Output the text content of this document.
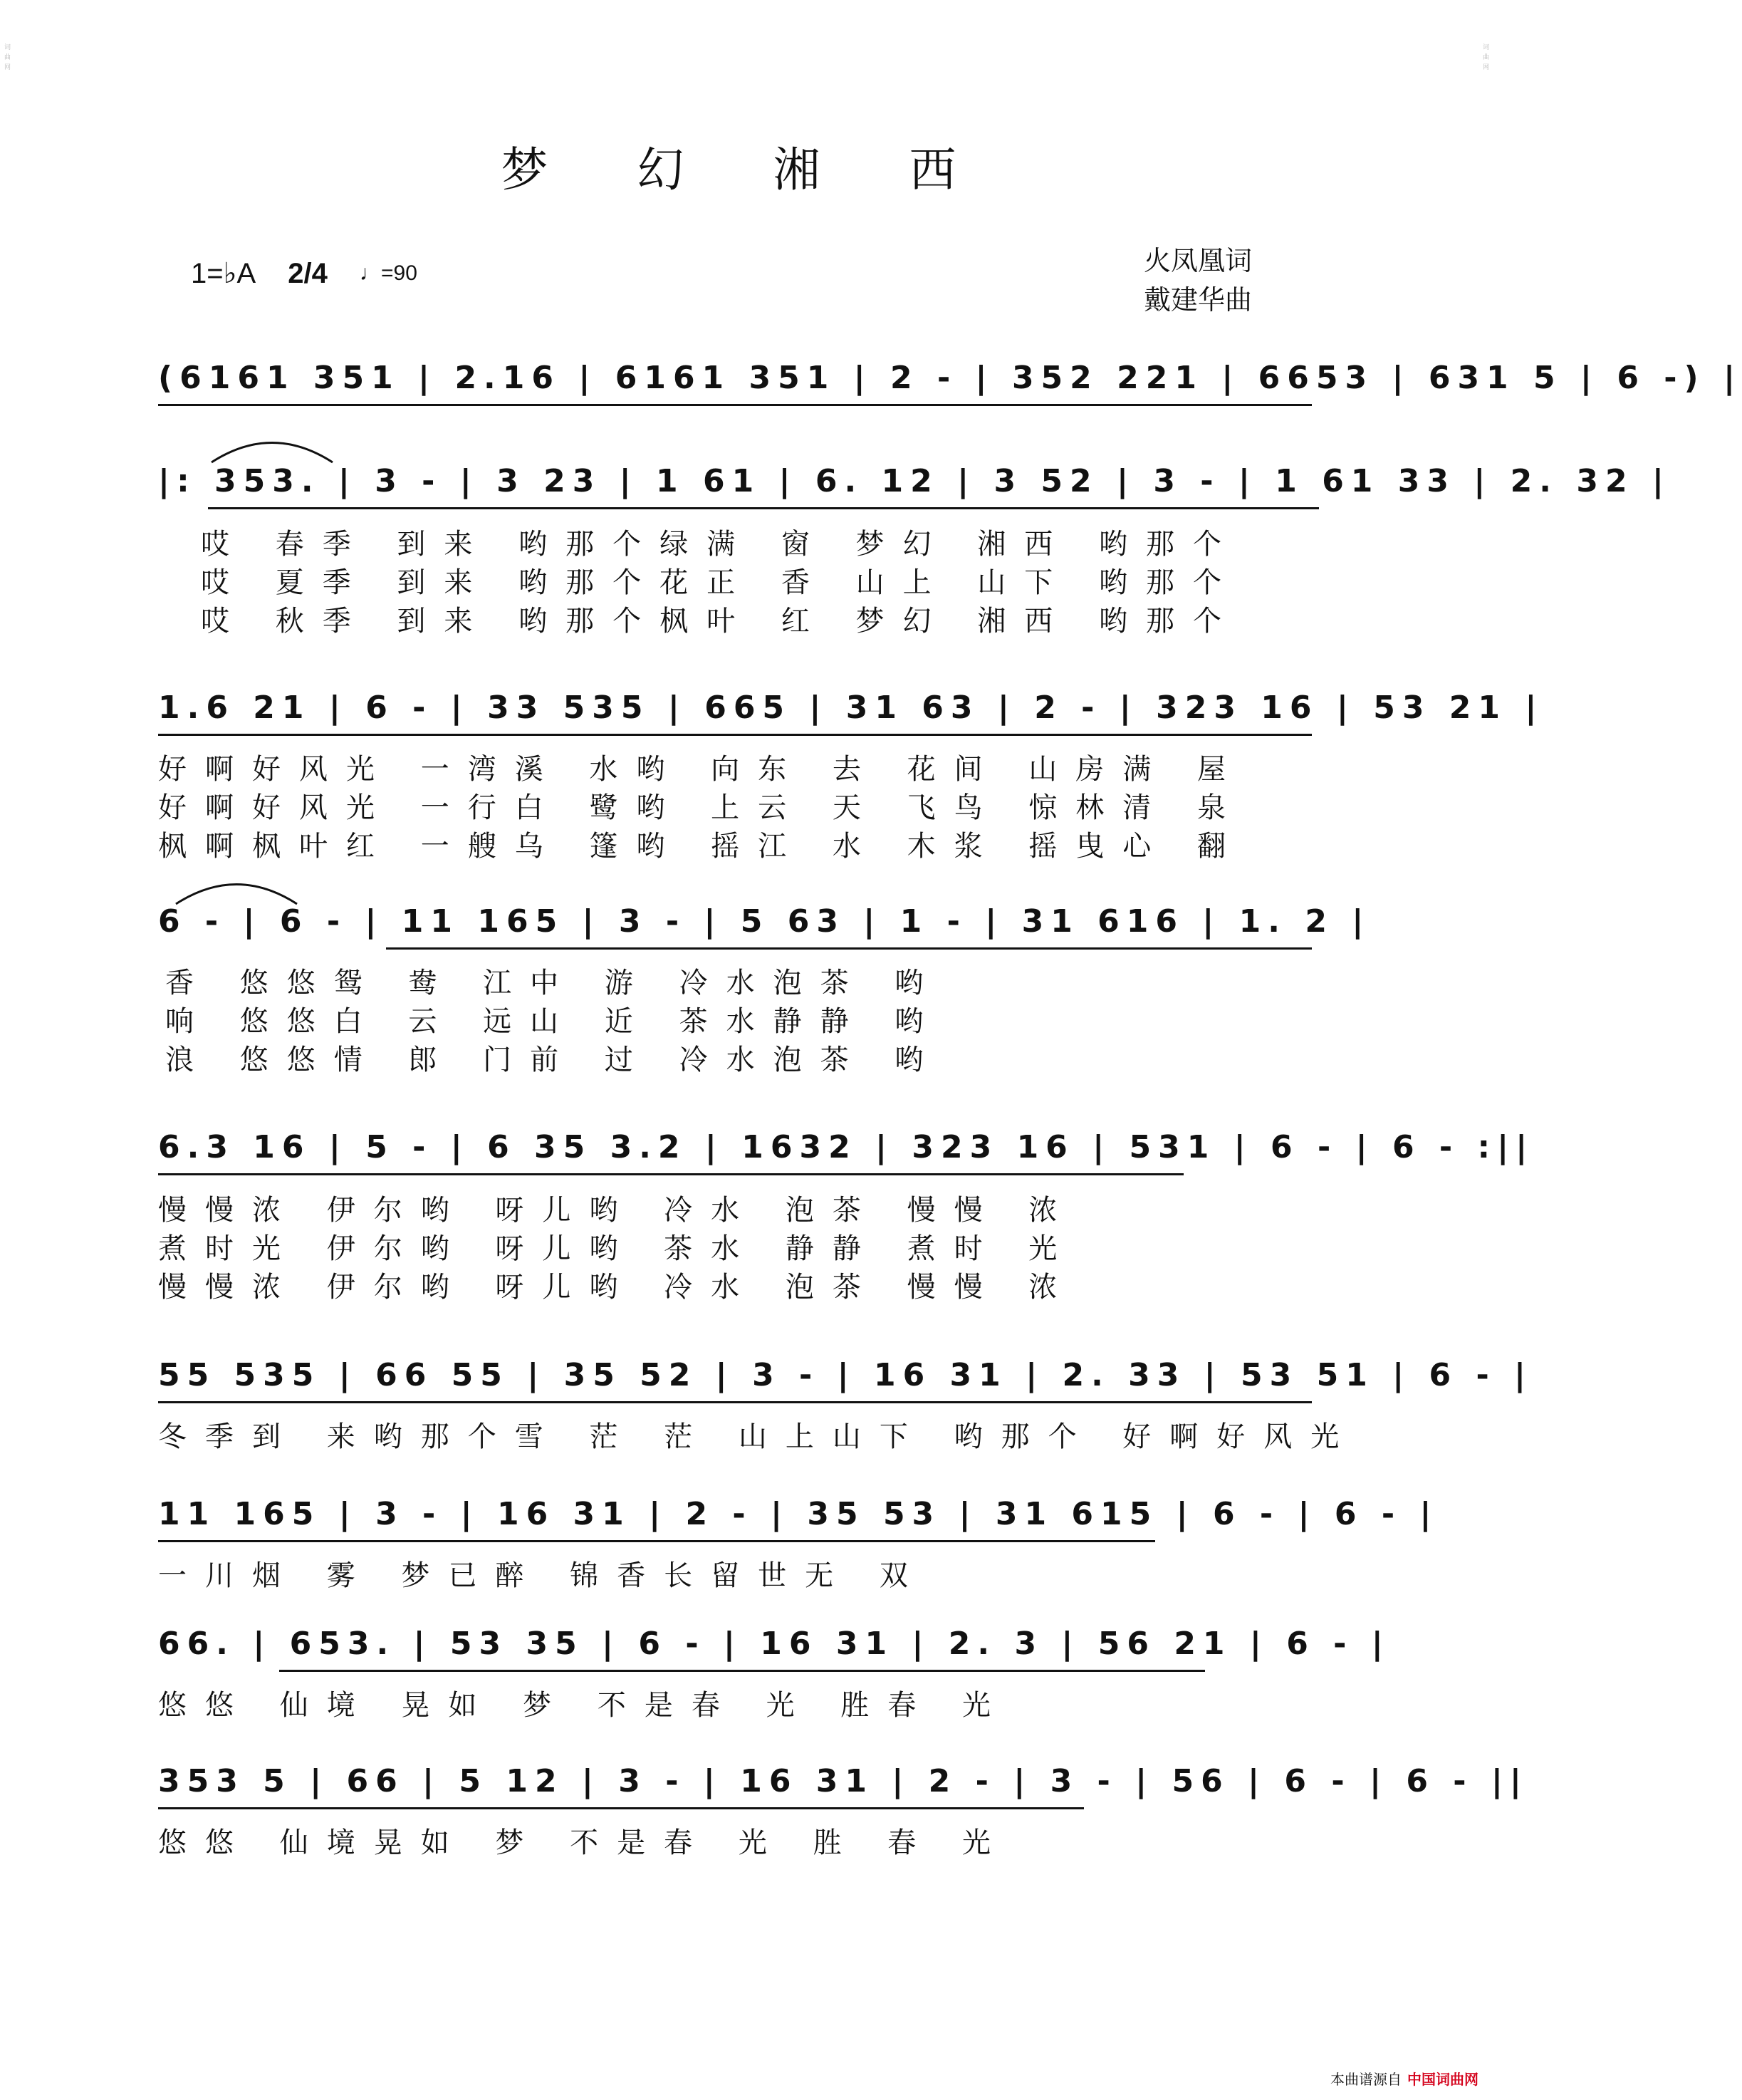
词曲网
词曲网
梦 幻 湘 西
1=♭A 2/4 ♩=90	火凤凰词
戴建华曲
(6161 351 | 2.16 | 6161 351 | 2 - | 352 221 | 6653 | 631 5 | 6 -) |
|: 353. | 3 - | 3 23 | 1 61 | 6. 12 | 3 52 | 3 - | 1 61 33 | 2. 32 |
哎 春季 到来 哟那个绿满 窗 梦幻 湘西 哟那个
哎 夏季 到来 哟那个花正 香 山上 山下 哟那个
哎 秋季 到来 哟那个枫叶 红 梦幻 湘西 哟那个
1.6 21 | 6 - | 33 535 | 665 | 31 63 | 2 - | 323 16 | 53 21 |
好啊好风光 一湾溪 水哟 向东 去 花间 山房满 屋
好啊好风光 一行白 鹭哟 上云 天 飞鸟 惊林清 泉
枫啊枫叶红 一艘乌 篷哟 摇江 水 木浆 摇曳心 翻
6 - | 6 - | 11 165 | 3 - | 5 63 | 1 - | 31 616 | 1. 2 |
香 悠悠鸳 鸯 江中 游 冷水泡茶 哟
响 悠悠白 云 远山 近 茶水静静 哟
浪 悠悠情 郎 门前 过 冷水泡茶 哟
6.3 16 | 5 - | 6 35 3.2 | 1632 | 323 16 | 531 | 6 - | 6 - :||
慢慢浓 伊尔哟 呀儿哟 冷水 泡茶 慢慢 浓
煮时光 伊尔哟 呀儿哟 茶水 静静 煮时 光
慢慢浓 伊尔哟 呀儿哟 冷水 泡茶 慢慢 浓
55 535 | 66 55 | 35 52 | 3 - | 16 31 | 2. 33 | 53 51 | 6 - |
冬季到 来哟那个雪 茫 茫 山上山下 哟那个 好啊好风光
11 165 | 3 - | 16 31 | 2 - | 35 53 | 31 615 | 6 - | 6 - |
一川烟 雾 梦已醉 锦香长留世无 双
66. | 653. | 53 35 | 6 - | 16 31 | 2. 3 | 56 21 | 6 - |
悠悠 仙境 晃如 梦 不是春 光 胜春 光
353 5 | 66 | 5 12 | 3 - | 16 31 | 2 - | 3 - | 56 | 6 - | 6 - ||
悠悠 仙境晃如 梦 不是春 光 胜 春 光
本曲谱源自 中国词曲网
